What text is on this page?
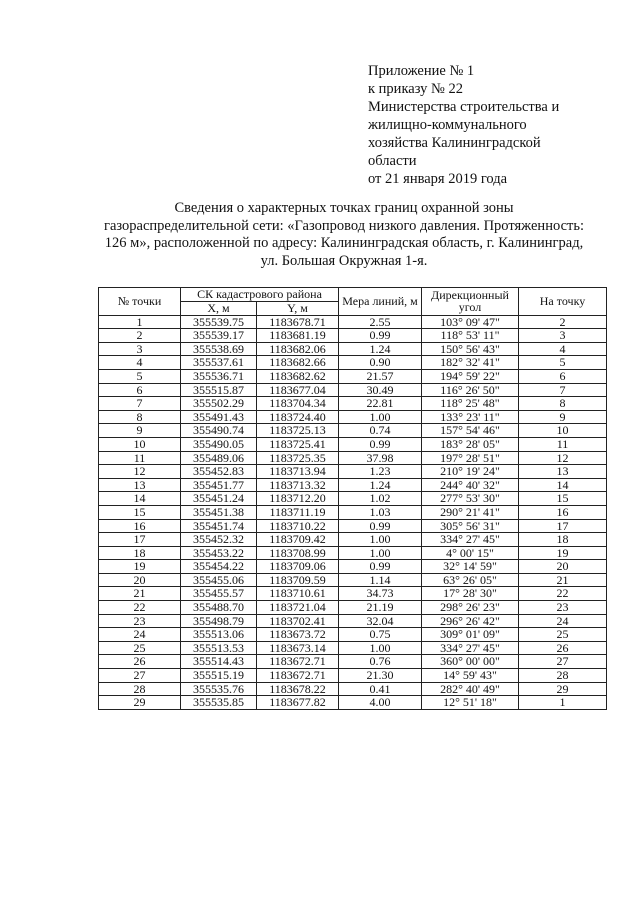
Приложение № 1
к приказу № 22
Министерства строительства и
жилищно-коммунального
хозяйства Калининградской
области
от 21 января 2019 года
Сведения о характерных точках границ охранной зоны
газораспределительной сети: «Газопровод низкого давления. Протяженность:
126 м», расположенной по адресу: Калининградская область, г. Калининград,
ул. Большая Окружная 1-я.
№ точки	СК кадастрового района		Мера линий, м	Дирекционный угол	На точку
	X, м	Y, м			
1	355539.75	1183678.71	2.55	103° 09' 47"	2
2	355539.17	1183681.19	0.99	118° 53' 11"	3
3	355538.69	1183682.06	1.24	150° 56' 43"	4
4	355537.61	1183682.66	0.90	182° 32' 41"	5
5	355536.71	1183682.62	21.57	194° 59' 22"	6
6	355515.87	1183677.04	30.49	116° 26' 50"	7
7	355502.29	1183704.34	22.81	118° 25' 48"	8
8	355491.43	1183724.40	1.00	133° 23' 11"	9
9	355490.74	1183725.13	0.74	157° 54' 46"	10
10	355490.05	1183725.41	0.99	183° 28' 05"	11
11	355489.06	1183725.35	37.98	197° 28' 51"	12
12	355452.83	1183713.94	1.23	210° 19' 24"	13
13	355451.77	1183713.32	1.24	244° 40' 32"	14
14	355451.24	1183712.20	1.02	277° 53' 30"	15
15	355451.38	1183711.19	1.03	290° 21' 41"	16
16	355451.74	1183710.22	0.99	305° 56' 31"	17
17	355452.32	1183709.42	1.00	334° 27' 45"	18
18	355453.22	1183708.99	1.00	4° 00' 15"	19
19	355454.22	1183709.06	0.99	32° 14' 59"	20
20	355455.06	1183709.59	1.14	63° 26' 05"	21
21	355455.57	1183710.61	34.73	17° 28' 30"	22
22	355488.70	1183721.04	21.19	298° 26' 23"	23
23	355498.79	1183702.41	32.04	296° 26' 42"	24
24	355513.06	1183673.72	0.75	309° 01' 09"	25
25	355513.53	1183673.14	1.00	334° 27' 45"	26
26	355514.43	1183672.71	0.76	360° 00' 00"	27
27	355515.19	1183672.71	21.30	14° 59' 43"	28
28	355535.76	1183678.22	0.41	282° 40' 49"	29
29	355535.85	1183677.82	4.00	12° 51' 18"	1
